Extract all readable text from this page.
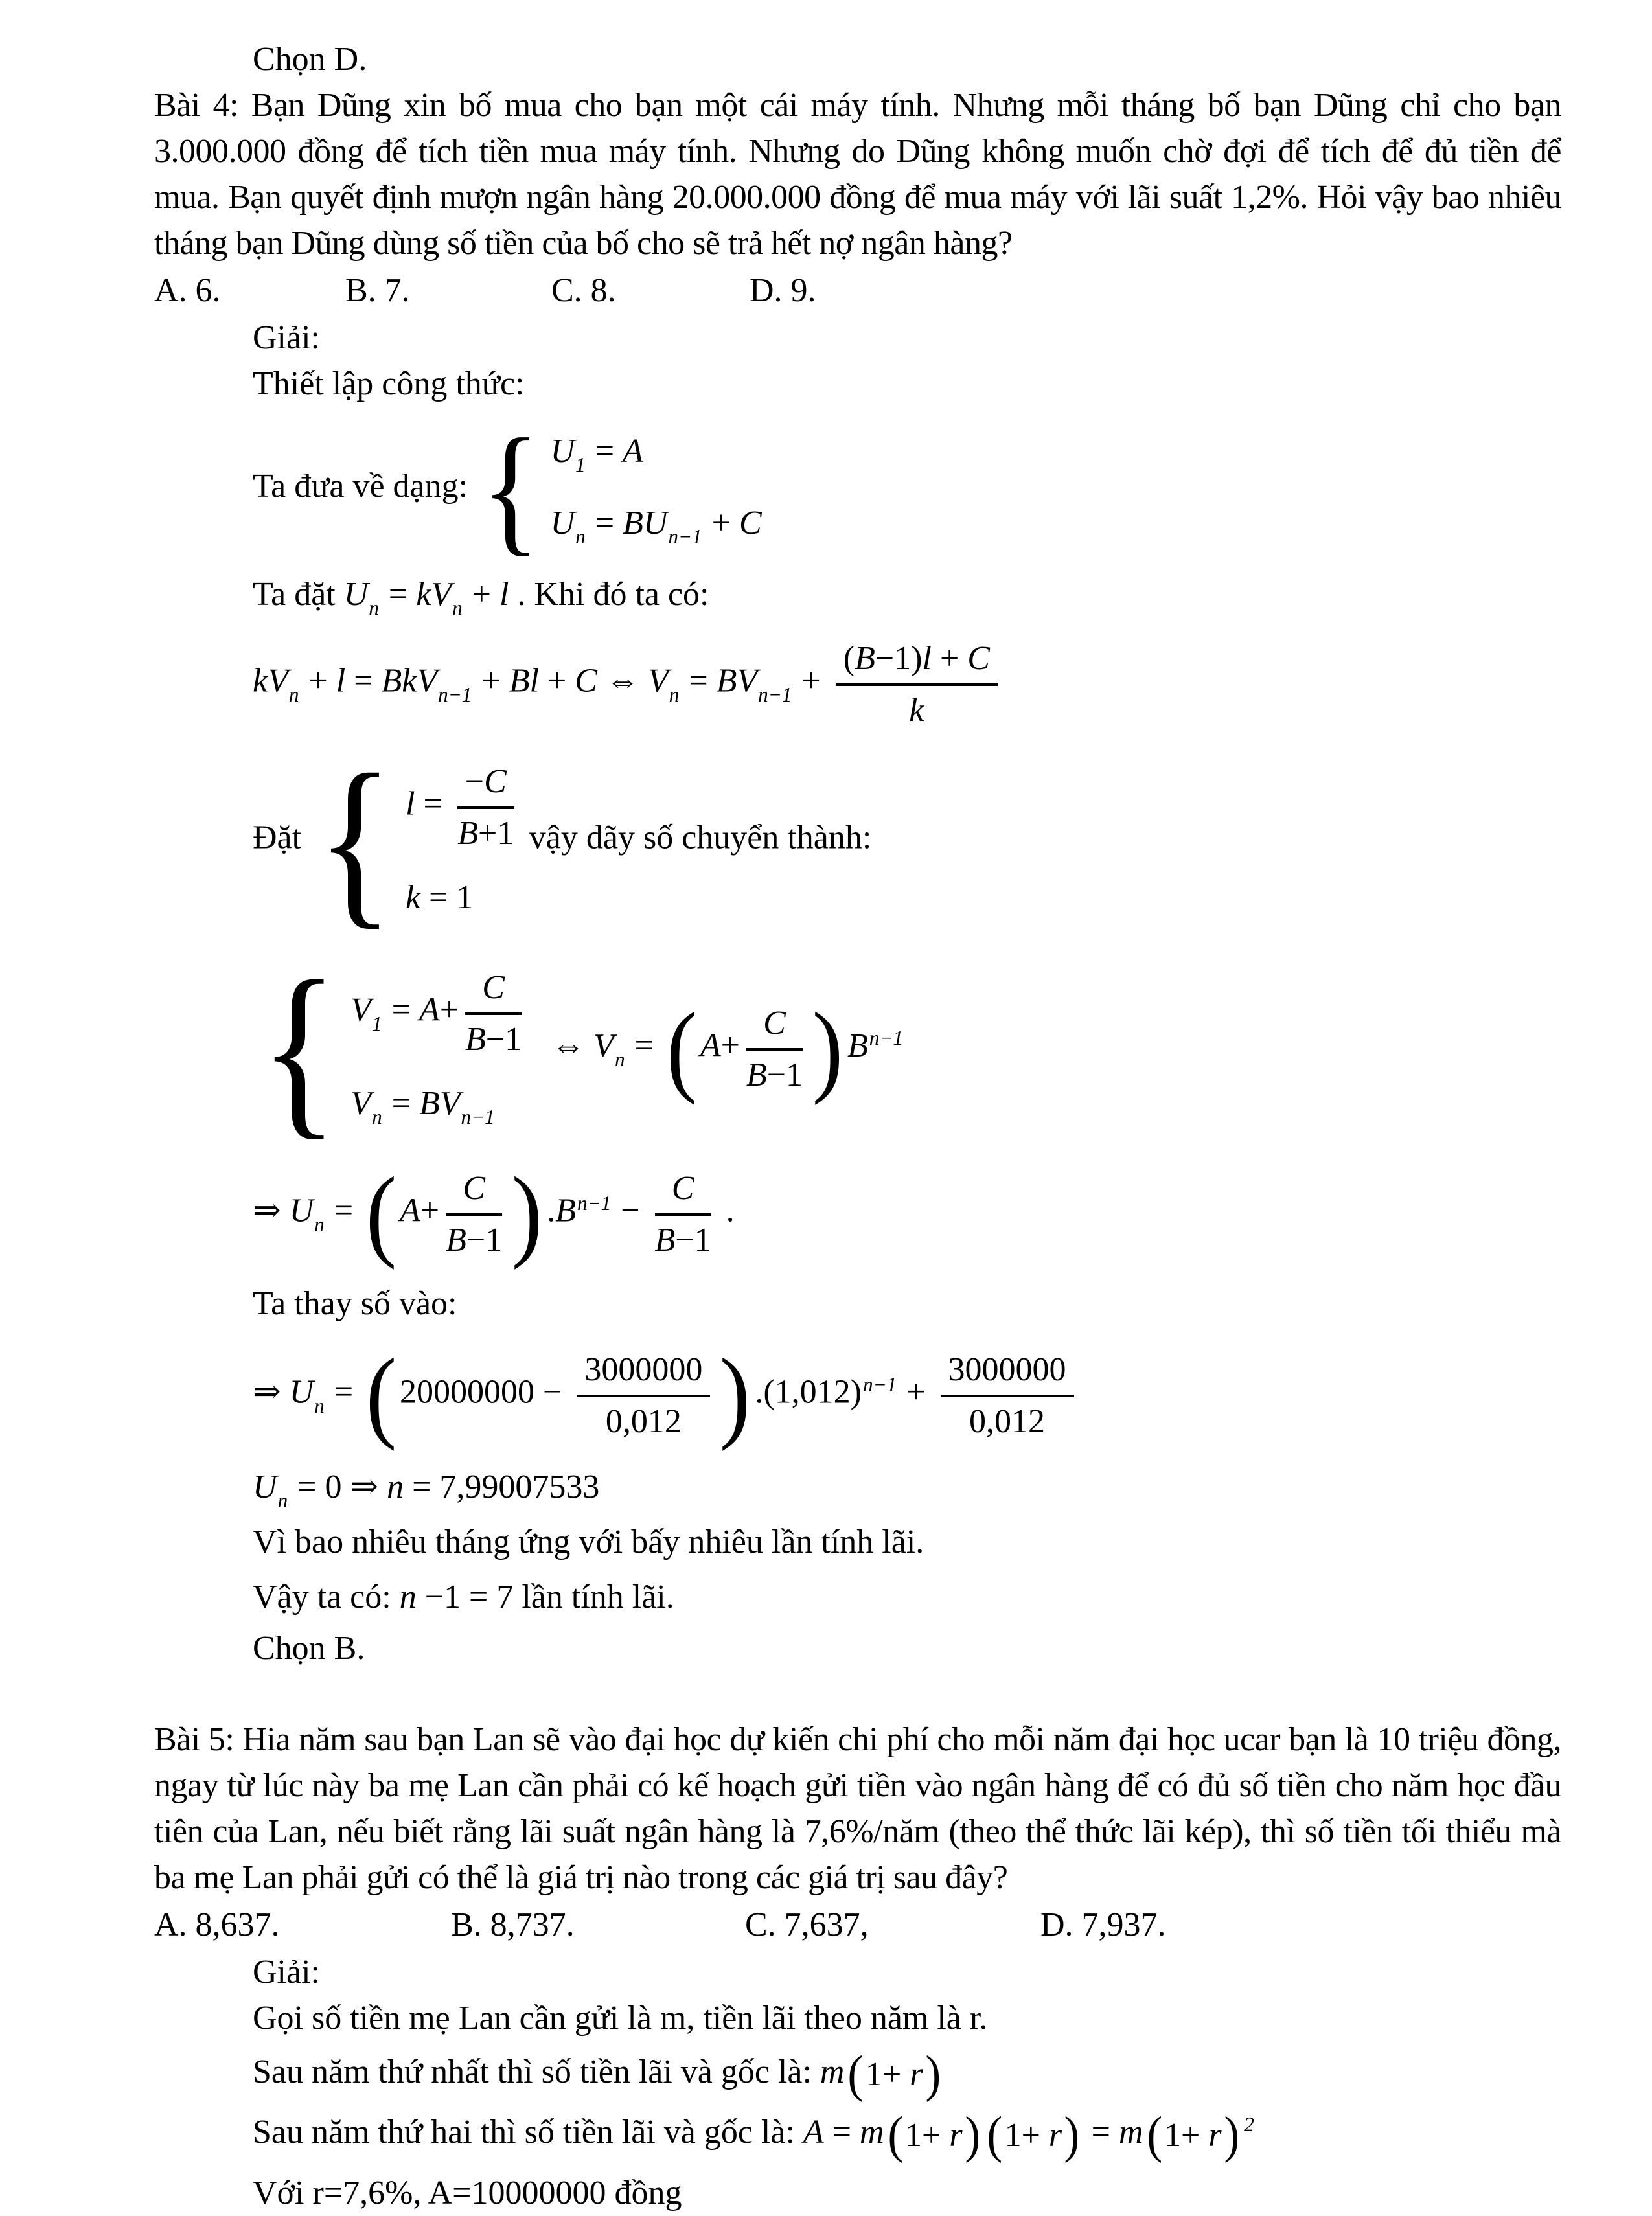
Chọn D.

Bài 4: Bạn Dũng xin bố mua cho bạn một cái máy tính. Nhưng mỗi tháng bố bạn Dũng chỉ cho bạn 3.000.000 đồng để tích tiền mua máy tính. Nhưng do Dũng không muốn chờ đợi để tích để đủ tiền để mua. Bạn quyết định mượn ngân hàng 20.000.000 đồng để mua máy với lãi suất 1,2%. Hỏi vậy bao nhiêu tháng bạn Dũng dùng số tiền của bố cho sẽ trả hết nợ ngân hàng?

A. 6.	B. 7.	C. 8.	D. 9.

Giải:

Thiết lập công thức:

Ta đưa về dạng: { $U_1 = A$
$U_n = BU_{n-1} + C$
Ta đặt $U_n = kV_n + l$ . Khi đó ta có:
$kV_n + l = BkV_{n-1} + Bl + C$ ⇔ $V_n = BV_{n-1} + \frac{(B-1)l + C}{k}$
Đặt { $l = \frac{-C}{B+1}$
k = 1
vậy dãy số chuyển thành:
{ $V_1 = A+ \frac{C}{B-1}$
$V_n = BV_{n-1}$
⇔ $V_n$ = ( $A+ \frac{C}{B-1}$ ) $B^{n-1}$
⇒ $U_n$ = ( $A+ \frac{C}{B-1}$ ) $.B^{n-1} - \frac{C}{B-1}$ .

Ta thay số vào:

⇒ $U_n$ = ( $20000000 - \frac{3000000}{0,012}$ ) $.(1,012)^{n-1} + \frac{3000000}{0,012}$
$U_n = 0$ ⇒ n = 7,99007533

Vì bao nhiêu tháng ứng với bấy nhiêu lần tính lãi.

Vậy ta có: n −1 = 7 lần tính lãi.

Chọn B.

Bài 5: Hia năm sau bạn Lan sẽ vào đại học dự kiến chi phí cho mỗi năm đại học ucar bạn là 10 triệu đồng, ngay từ lúc này ba mẹ Lan cần phải có kế hoạch gửi tiền vào ngân hàng để có đủ số tiền cho năm học đầu tiên của Lan, nếu biết rằng lãi suất ngân hàng là 7,6%/năm (theo thể thức lãi kép), thì số tiền tối thiểu mà ba mẹ Lan phải gửi có thể là giá trị nào trong các giá trị sau đây?

A. 8,637.	B. 8,737.	C. 7,637,	D. 7,937.

Giải:

Gọi số tiền mẹ Lan cần gửi là m, tiền lãi theo năm là r.

Sau năm thứ nhất thì số tiền lãi và gốc là: m ( 1+ r )
Sau năm thứ hai thì số tiền lãi và gốc là: A = m ( 1+ r ) ( 1+ r ) = m ( 1+ r ) $^2$

Với r=7,6%, A=10000000 đồng
